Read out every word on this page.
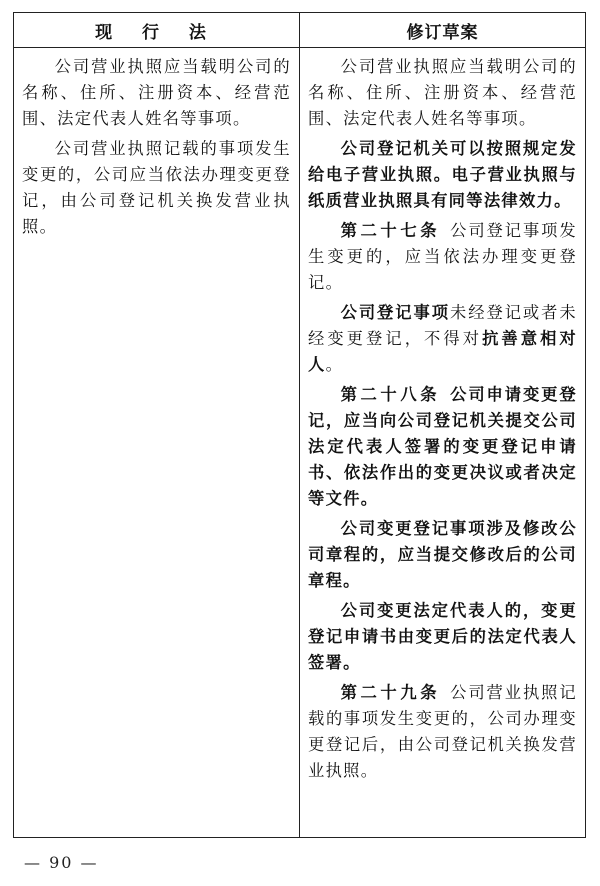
现 行 法	修订草案

公司营业执照应当载明公司的名称、住所、注册资本、经营范围、法定代表人姓名等事项。

公司营业执照记载的事项发生变更的，公司应当依法办理变更登记，由公司登记机关换发营业执照。

公司营业执照应当载明公司的名称、住所、注册资本、经营范围、法定代表人姓名等事项。

公司登记机关可以按照规定发给电子营业执照。电子营业执照与纸质营业执照具有同等法律效力。

第二十七条 公司登记事项发生变更的，应当依法办理变更登记。

公司登记事项未经登记或者未经变更登记，不得对抗善意相对人。

第二十八条 公司申请变更登记，应当向公司登记机关提交公司法定代表人签署的变更登记申请书、依法作出的变更决议或者决定等文件。

公司变更登记事项涉及修改公司章程的，应当提交修改后的公司章程。

公司变更法定代表人的，变更登记申请书由变更后的法定代表人签署。

第二十九条 公司营业执照记载的事项发生变更的，公司办理变更登记后，由公司登记机关换发营业执照。

— 90 —
